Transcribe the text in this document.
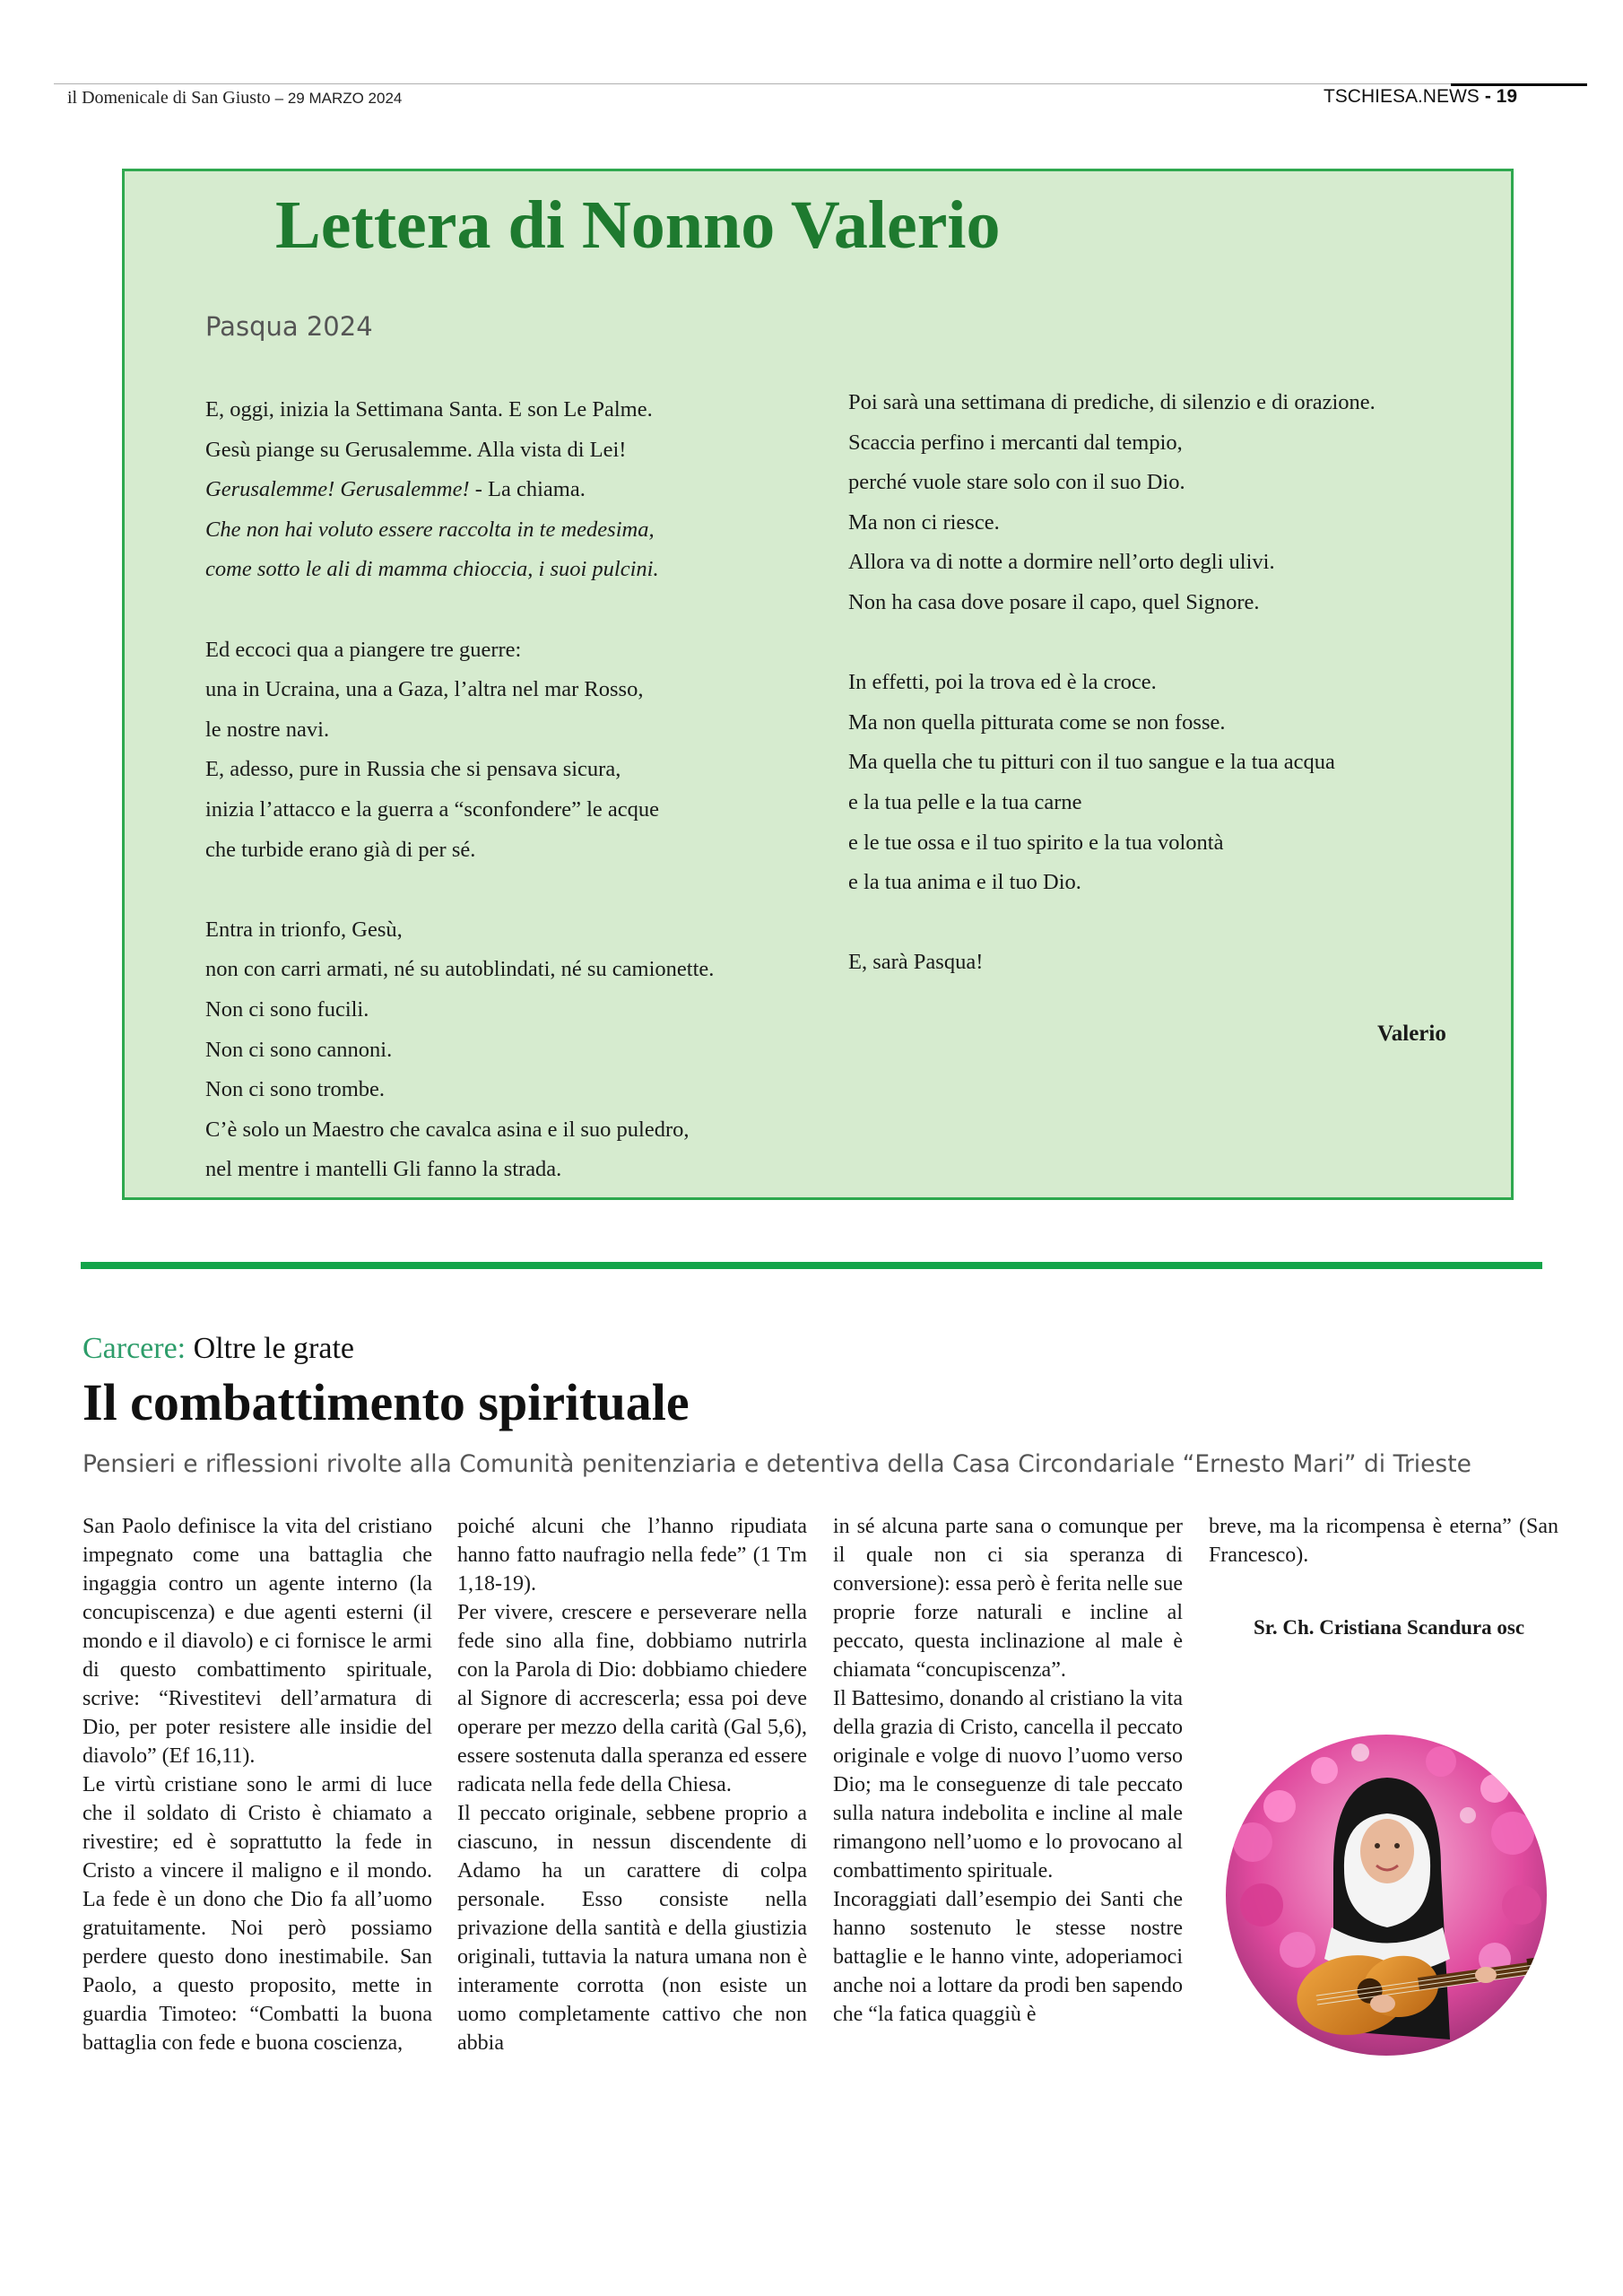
il Domenicale di San Giusto – 29 MARZO 2024	TSCHIESA.NEWS - 19
Lettera di Nonno Valerio
Pasqua 2024
E, oggi, inizia la Settimana Santa. E son Le Palme.
Gesù piange su Gerusalemme. Alla vista di Lei!
Gerusalemme! Gerusalemme! - La chiama.
Che non hai voluto essere raccolta in te medesima,
come sotto le ali di mamma chioccia, i suoi pulcini.
Ed eccoci qua a piangere tre guerre:
una in Ucraina, una a Gaza, l’altra nel mar Rosso,
le nostre navi.
E, adesso, pure in Russia che si pensava sicura,
inizia l’attacco e la guerra a “sconfondere” le acque
che turbide erano già di per sé.
Entra in trionfo, Gesù,
non con carri armati, né su autoblindati, né su camionette.
Non ci sono fucili.
Non ci sono cannoni.
Non ci sono trombe.
C’è solo un Maestro che cavalca asina e il suo puledro,
nel mentre i mantelli Gli fanno la strada.
Poi sarà una settimana di prediche, di silenzio e di orazione.
Scaccia perfino i mercanti dal tempio,
perché vuole stare solo con il suo Dio.
Ma non ci riesce.
Allora va di notte a dormire nell’orto degli ulivi.
Non ha casa dove posare il capo, quel Signore.
In effetti, poi la trova ed è la croce.
Ma non quella pitturata come se non fosse.
Ma quella che tu pitturi con il tuo sangue e la tua acqua
e la tua pelle e la tua carne
e le tue ossa e il tuo spirito e la tua volontà
e la tua anima e il tuo Dio.
E, sarà Pasqua!
Valerio
Carcere: Oltre le grate
Il combattimento spirituale
Pensieri e riflessioni rivolte alla Comunità penitenziaria e detentiva della Casa Circondariale “Ernesto Mari” di Trieste

San Paolo definisce la vita del cristiano impegnato come una battaglia che ingaggia contro un agente interno (la concupiscenza) e due agenti esterni (il mondo e il diavolo) e ci fornisce le armi di questo combattimento spirituale, scrive: “Rivestitevi dell’armatura di Dio, per poter resistere alle insidie del diavolo” (Ef 16,11).

Le virtù cristiane sono le armi di luce che il soldato di Cristo è chiamato a rivestire; ed è soprattutto la fede in Cristo a vincere il maligno e il mondo. La fede è un dono che Dio fa all’uomo gratuitamente. Noi però possiamo perdere questo dono inestimabile. San Paolo, a questo proposito, mette in guardia Timoteo: “Combatti la buona battaglia con fede e buona coscienza,

poiché alcuni che l’hanno ripudiata hanno fatto naufragio nella fede” (1 Tm 1,18-19).

Per vivere, crescere e perseverare nella fede sino alla fine, dobbiamo nutrirla con la Parola di Dio: dobbiamo chiedere al Signore di accrescerla; essa poi deve operare per mezzo della carità (Gal 5,6), essere sostenuta dalla speranza ed essere radicata nella fede della Chiesa.

Il peccato originale, sebbene proprio a ciascuno, in nessun discendente di Adamo ha un carattere di colpa personale. Esso consiste nella privazione della santità e della giustizia originali, tuttavia la natura umana non è interamente corrotta (non esiste un uomo completamente cattivo che non abbia

in sé alcuna parte sana o comunque per il quale non ci sia speranza di conversione): essa però è ferita nelle sue proprie forze naturali e incline al peccato, questa inclinazione al male è chiamata “concupiscenza”.

Il Battesimo, donando al cristiano la vita della grazia di Cristo, cancella il peccato originale e volge di nuovo l’uomo verso Dio; ma le conseguenze di tale peccato sulla natura indebolita e incline al male rimangono nell’uomo e lo provocano al combattimento spirituale.

Incoraggiati dall’esempio dei Santi che hanno sostenuto le stesse nostre battaglie e le hanno vinte, adoperiamoci anche noi a lottare da prodi ben sapendo che “la fatica quaggiù è

breve, ma la ricompensa è eterna” (San Francesco).

Sr. Ch. Cristiana Scandura osc
